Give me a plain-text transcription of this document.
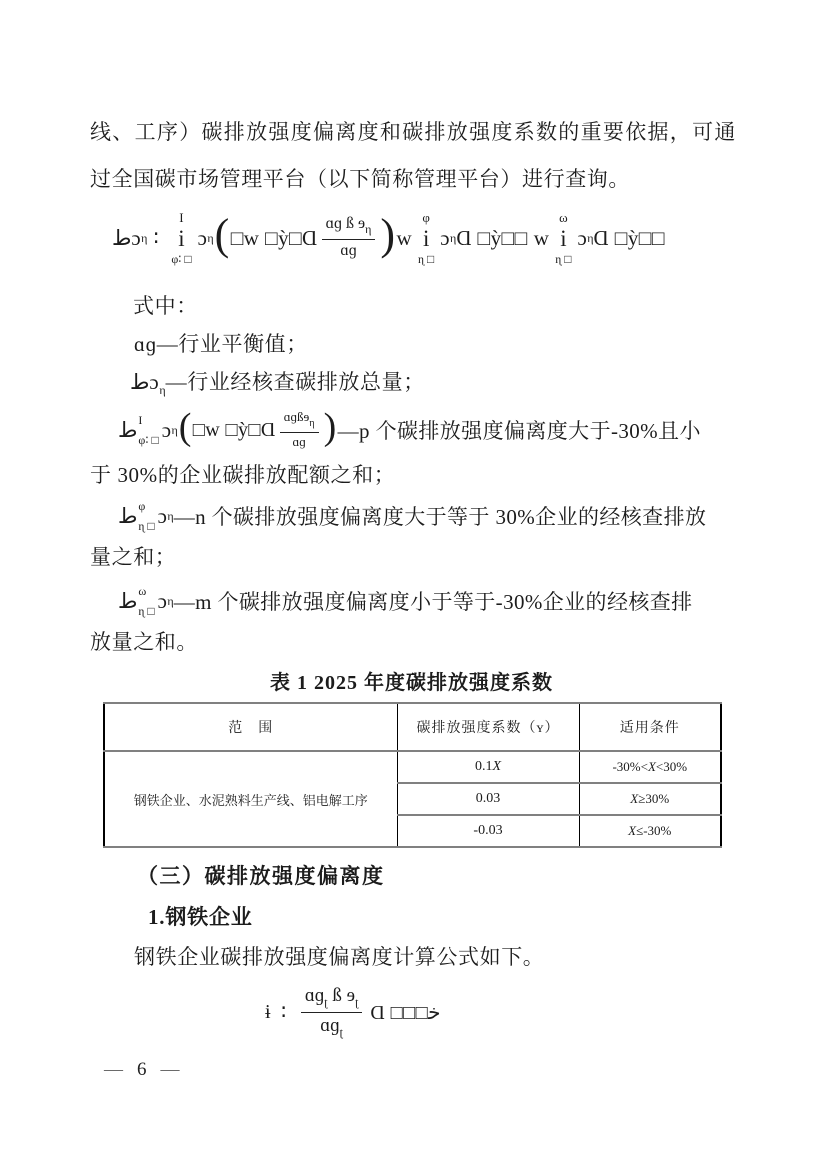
线、工序）碳排放强度偏离度和碳排放强度系数的重要依据，可通
过全国碳市场管理平台（以下简称管理平台）进行查询。
طɔ η ∶
I
i
φ∶ □
ɔ η ( □w □ỳ□Ɑ $\frac{ɑɡ ß ɘ_\eta}{\text{ɑɡ}}$ ) w
φ
i
ɳ □
ɔ η Ɑ □ỳ□□ w
ω
i
ɳ □
ɔ η Ɑ □ỳ□□
式中：
ɑɡ—行业平衡值；
طɔ$_\eta$—行业经核查碳排放总量；
ط I
φ∶ □ ɔ η ( □w □ỳ□Ɑ $\frac{ɑɡßɘ_\eta}{\text{ɑɡ}}$ ) —p 个碳排放强度偏离度大于-30%且小
于 30%的企业碳排放配额之和；
ط φ
ɳ □ ɔ η —n 个碳排放强度偏离度大于等于 30%企业的经核查排放
量之和；
ط ω
ɳ □ ɔ η —m 个碳排放强度偏离度小于等于-30%企业的经核查排
放量之和。
表 1 2025 年度碳排放强度系数
范　围	碳排放强度系数（ʏ）	适用条件
钢铁企业、水泥熟料生产线、铝电解工序	0.1X	-30%<X<30%
	0.03	X≥30%
	-0.03	X≤-30%
（三）碳排放强度偏离度
1.钢铁企业
钢铁企业碳排放强度偏离度计算公式如下。
ɨ ∶ $\frac{ɑɡ_ʈ ß ɘ_ʈ}{ɑɡ_ʈ}$ Ɑ □□□ﺧ
— 6 —
